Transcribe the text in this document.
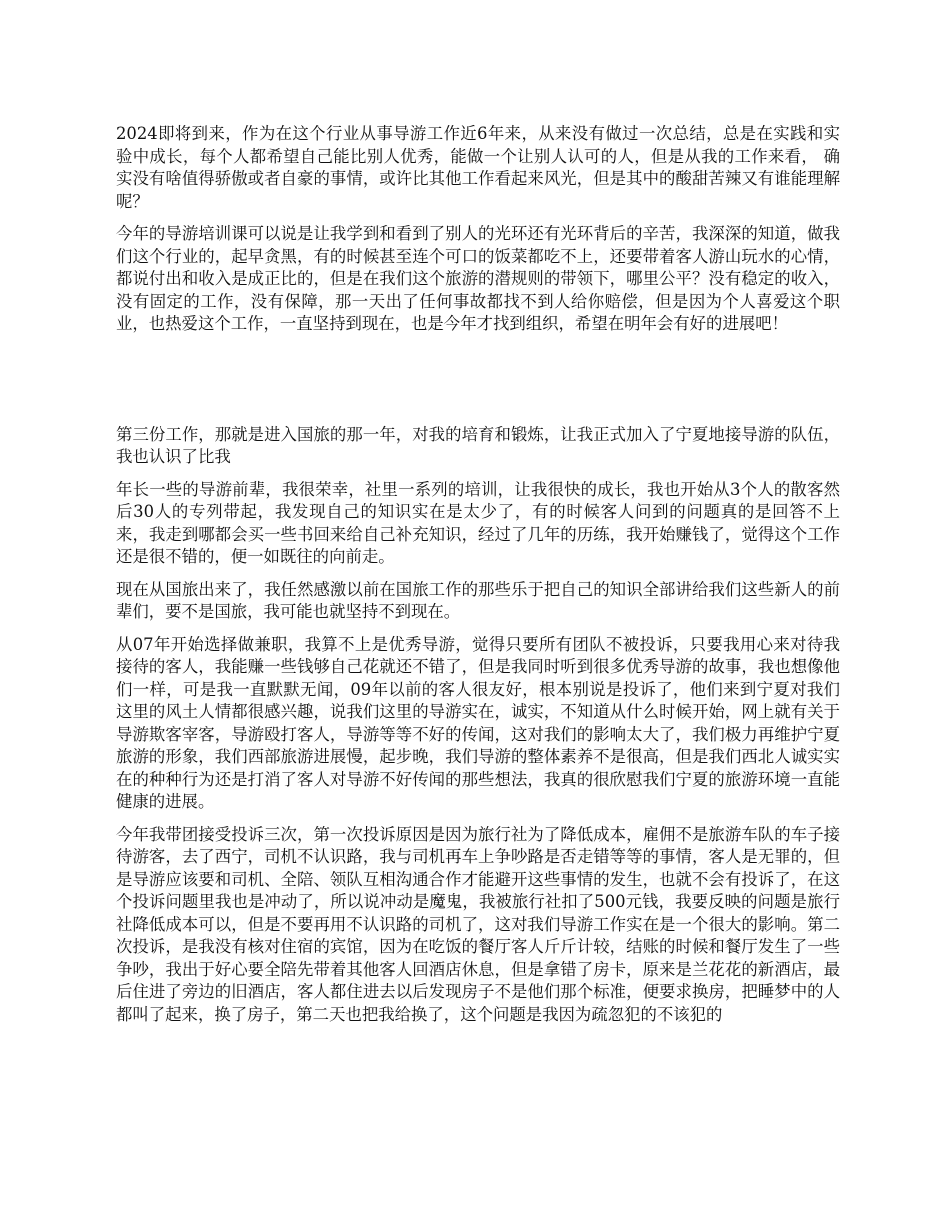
2024即将到来，作为在这个行业从事导游工作近6年来，从来没有做过一次总结，总是在实践和实验中成长，每个人都希望自己能比别人优秀，能做一个让别人认可的人，但是从我的工作来看， 确实没有啥值得骄傲或者自豪的事情，或许比其他工作看起来风光，但是其中的酸甜苦辣又有谁能理解呢？

今年的导游培训课可以说是让我学到和看到了别人的光环还有光环背后的辛苦，我深深的知道，做我们这个行业的，起早贪黑，有的时候甚至连个可口的饭菜都吃不上，还要带着客人游山玩水的心情，都说付出和收入是成正比的，但是在我们这个旅游的潜规则的带领下，哪里公平？没有稳定的收入，没有固定的工作，没有保障，那一天出了任何事故都找不到人给你赔偿，但是因为个人喜爱这个职业，也热爱这个工作，一直坚持到现在，也是今年才找到组织，希望在明年会有好的进展吧！

第三份工作，那就是进入国旅的那一年，对我的培育和锻炼，让我正式加入了宁夏地接导游的队伍，我也认识了比我

年长一些的导游前辈，我很荣幸，社里一系列的培训，让我很快的成长，我也开始从3个人的散客然后30人的专列带起，我发现自己的知识实在是太少了，有的时候客人问到的问题真的是回答不上来，我走到哪都会买一些书回来给自己补充知识，经过了几年的历练，我开始赚钱了，觉得这个工作还是很不错的，便一如既往的向前走。

现在从国旅出来了，我任然感激以前在国旅工作的那些乐于把自己的知识全部讲给我们这些新人的前辈们，要不是国旅，我可能也就坚持不到现在。

从07年开始选择做兼职，我算不上是优秀导游，觉得只要所有团队不被投诉，只要我用心来对待我接待的客人，我能赚一些钱够自己花就还不错了，但是我同时听到很多优秀导游的故事，我也想像他们一样，可是我一直默默无闻，09年以前的客人很友好，根本别说是投诉了，他们来到宁夏对我们这里的风土人情都很感兴趣，说我们这里的导游实在，诚实，不知道从什么时候开始，网上就有关于导游欺客宰客，导游殴打客人，导游等等不好的传闻，这对我们的影响太大了，我们极力再维护宁夏旅游的形象，我们西部旅游进展慢，起步晚，我们导游的整体素养不是很高，但是我们西北人诚实实在的种种行为还是打消了客人对导游不好传闻的那些想法，我真的很欣慰我们宁夏的旅游环境一直能健康的进展。

今年我带团接受投诉三次，第一次投诉原因是因为旅行社为了降低成本，雇佣不是旅游车队的车子接待游客，去了西宁，司机不认识路，我与司机再车上争吵路是否走错等等的事情，客人是无罪的，但是导游应该要和司机、全陪、领队互相沟通合作才能避开这些事情的发生，也就不会有投诉了，在这个投诉问题里我也是冲动了，所以说冲动是魔鬼，我被旅行社扣了500元钱，我要反映的问题是旅行社降低成本可以，但是不要再用不认识路的司机了，这对我们导游工作实在是一个很大的影响。第二次投诉，是我没有核对住宿的宾馆，因为在吃饭的餐厅客人斤斤计较，结账的时候和餐厅发生了一些争吵，我出于好心要全陪先带着其他客人回酒店休息，但是拿错了房卡，原来是兰花花的新酒店，最后住进了旁边的旧酒店，客人都住进去以后发现房子不是他们那个标准，便要求换房，把睡梦中的人都叫了起来，换了房子，第二天也把我给换了，这个问题是我因为疏忽犯的不该犯的
